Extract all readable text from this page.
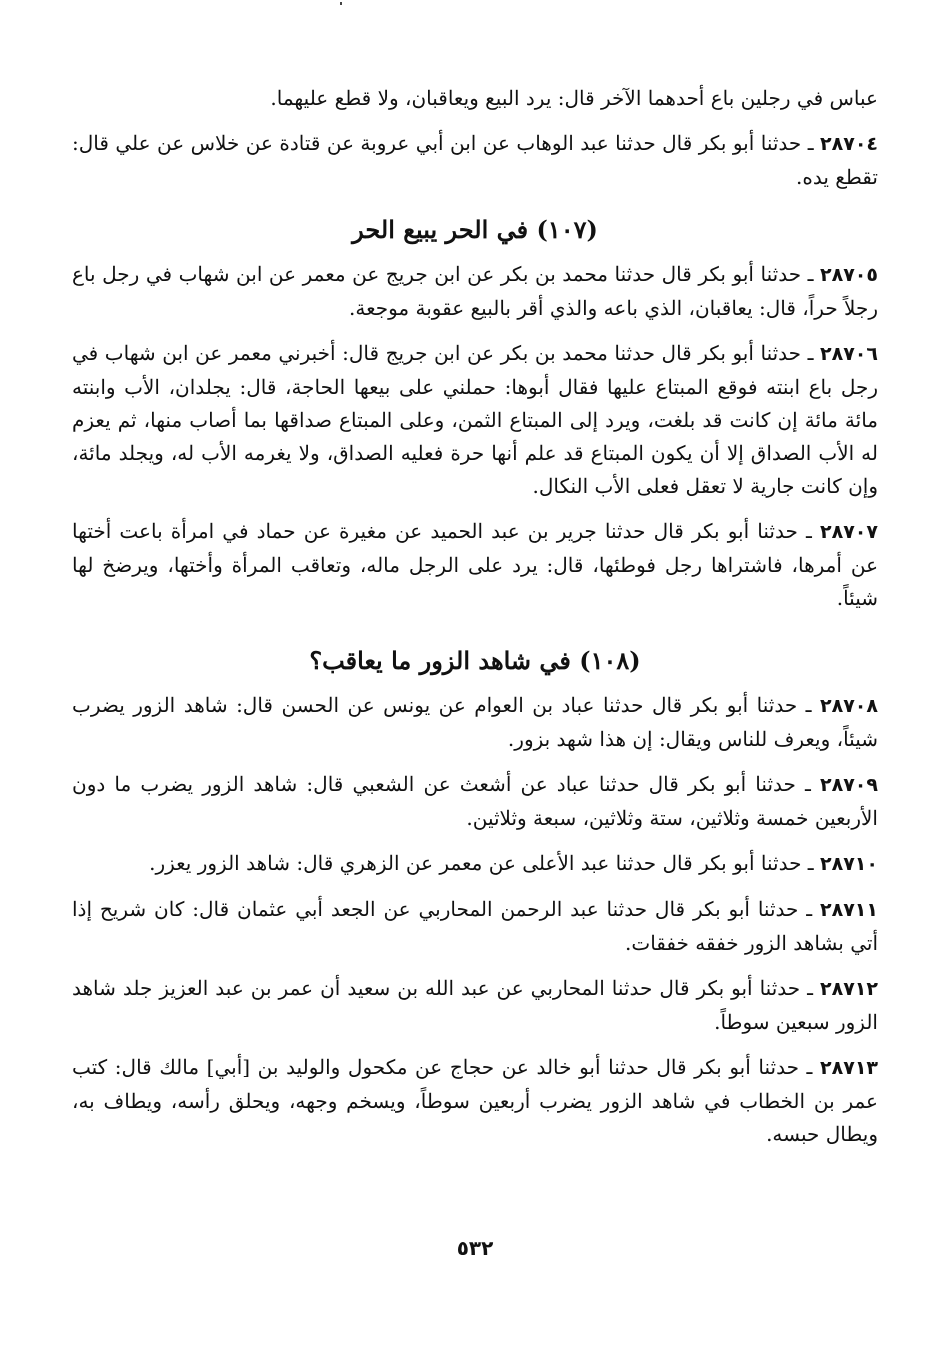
عباس في رجلين باع أحدهما الآخر قال: يرد البيع ويعاقبان، ولا قطع عليهما.

٢٨٧٠٤ ـ حدثنا أبو بكر قال حدثنا عبد الوهاب عن ابن أبي عروبة عن قتادة عن خلاس عن علي قال: تقطع يده.

(١٠٧) في الحر يبيع الحر

٢٨٧٠٥ ـ حدثنا أبو بكر قال حدثنا محمد بن بكر عن ابن جريج عن معمر عن ابن شهاب في رجل باع رجلاً حراً، قال: يعاقبان، الذي باعه والذي أقر بالبيع عقوبة موجعة.

٢٨٧٠٦ ـ حدثنا أبو بكر قال حدثنا محمد بن بكر عن ابن جريج قال: أخبرني معمر عن ابن شهاب في رجل باع ابنته فوقع المبتاع عليها فقال أبوها: حملني على بيعها الحاجة، قال: يجلدان، الأب وابنته مائة مائة إن كانت قد بلغت، ويرد إلى المبتاع الثمن، وعلى المبتاع صداقها بما أصاب منها، ثم يعزم له الأب الصداق إلا أن يكون المبتاع قد علم أنها حرة فعليه الصداق، ولا يغرمه الأب له، ويجلد مائة، وإن كانت جارية لا تعقل فعلى الأب النكال.

٢٨٧٠٧ ـ حدثنا أبو بكر قال حدثنا جرير بن عبد الحميد عن مغيرة عن حماد في امرأة باعت أختها عن أمرها، فاشتراها رجل فوطئها، قال: يرد على الرجل ماله، وتعاقب المرأة وأختها، ويرضخ لها شيئاً.

(١٠٨) في شاهد الزور ما يعاقب؟

٢٨٧٠٨ ـ حدثنا أبو بكر قال حدثنا عباد بن العوام عن يونس عن الحسن قال: شاهد الزور يضرب شيئاً، ويعرف للناس ويقال: إن هذا شهد بزور.

٢٨٧٠٩ ـ حدثنا أبو بكر قال حدثنا عباد عن أشعث عن الشعبي قال: شاهد الزور يضرب ما دون الأربعين خمسة وثلاثين، ستة وثلاثين، سبعة وثلاثين.

٢٨٧١٠ ـ حدثنا أبو بكر قال حدثنا عبد الأعلى عن معمر عن الزهري قال: شاهد الزور يعزر.

٢٨٧١١ ـ حدثنا أبو بكر قال حدثنا عبد الرحمن المحاربي عن الجعد أبي عثمان قال: كان شريح إذا أتي بشاهد الزور خفقه خفقات.

٢٨٧١٢ ـ حدثنا أبو بكر قال حدثنا المحاربي عن عبد الله بن سعيد أن عمر بن عبد العزيز جلد شاهد الزور سبعين سوطاً.

٢٨٧١٣ ـ حدثنا أبو بكر قال حدثنا أبو خالد عن حجاج عن مكحول والوليد بن [أبي] مالك قال: كتب عمر بن الخطاب في شاهد الزور يضرب أربعين سوطاً، ويسخم وجهه، ويحلق رأسه، ويطاف به، ويطال حبسه.

٥٣٢
